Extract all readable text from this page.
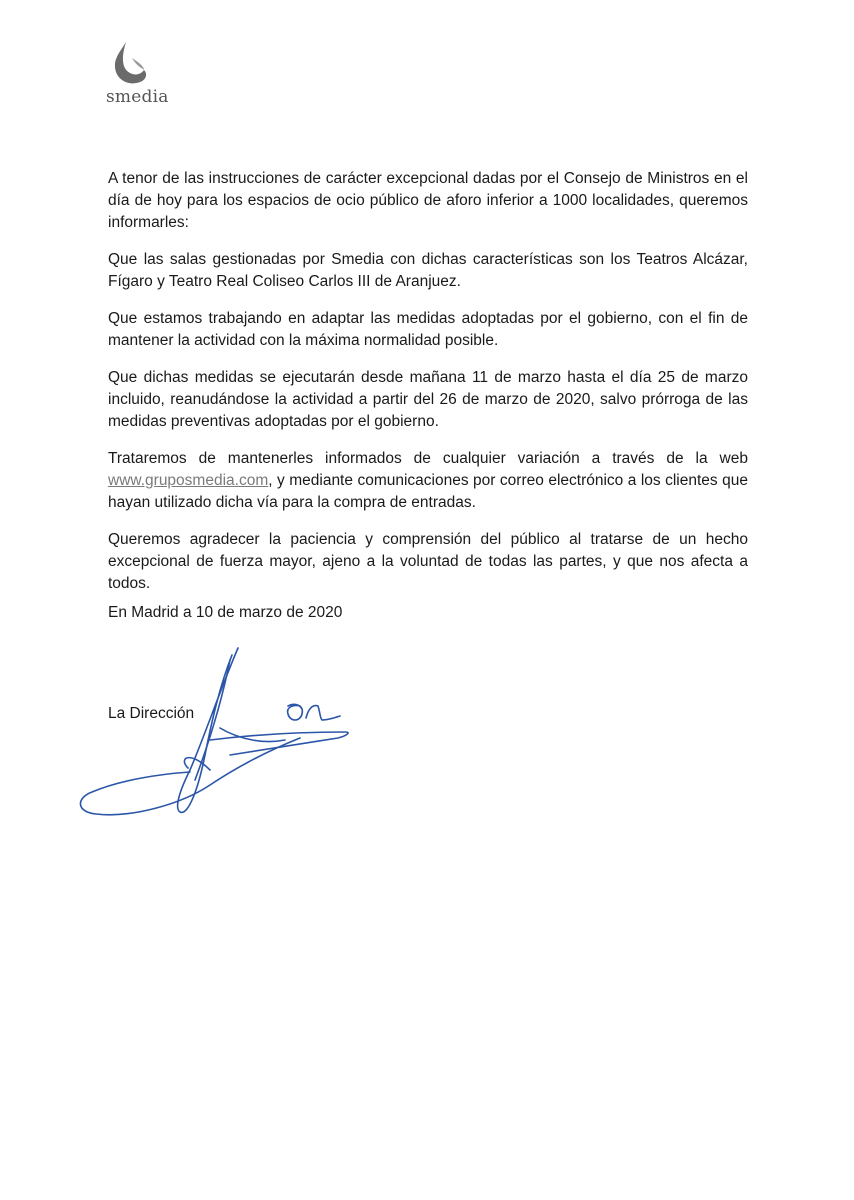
smedia

A tenor de las instrucciones de carácter excepcional dadas por el Consejo de Ministros en el día de hoy para los espacios de ocio público de aforo inferior a 1000 localidades, queremos informarles:

Que las salas gestionadas por Smedia con dichas características son los Teatros Alcázar, Fígaro y Teatro Real Coliseo Carlos III de Aranjuez.

Que estamos trabajando en adaptar las medidas adoptadas por el gobierno, con el fin de mantener la actividad con la máxima normalidad posible.

Que dichas medidas se ejecutarán desde mañana 11 de marzo hasta el día 25 de marzo incluido, reanudándose la actividad a partir del 26 de marzo de 2020, salvo prórroga de las medidas preventivas adoptadas por el gobierno.

Trataremos de mantenerles informados de cualquier variación a través de la web www.gruposmedia.com, y mediante comunicaciones por correo electrónico a los clientes que hayan utilizado dicha vía para la compra de entradas.

Queremos agradecer la paciencia y comprensión del público al tratarse de un hecho excepcional de fuerza mayor, ajeno a la voluntad de todas las partes, y que nos afecta a todos.

En Madrid a 10 de marzo de 2020
La Dirección
